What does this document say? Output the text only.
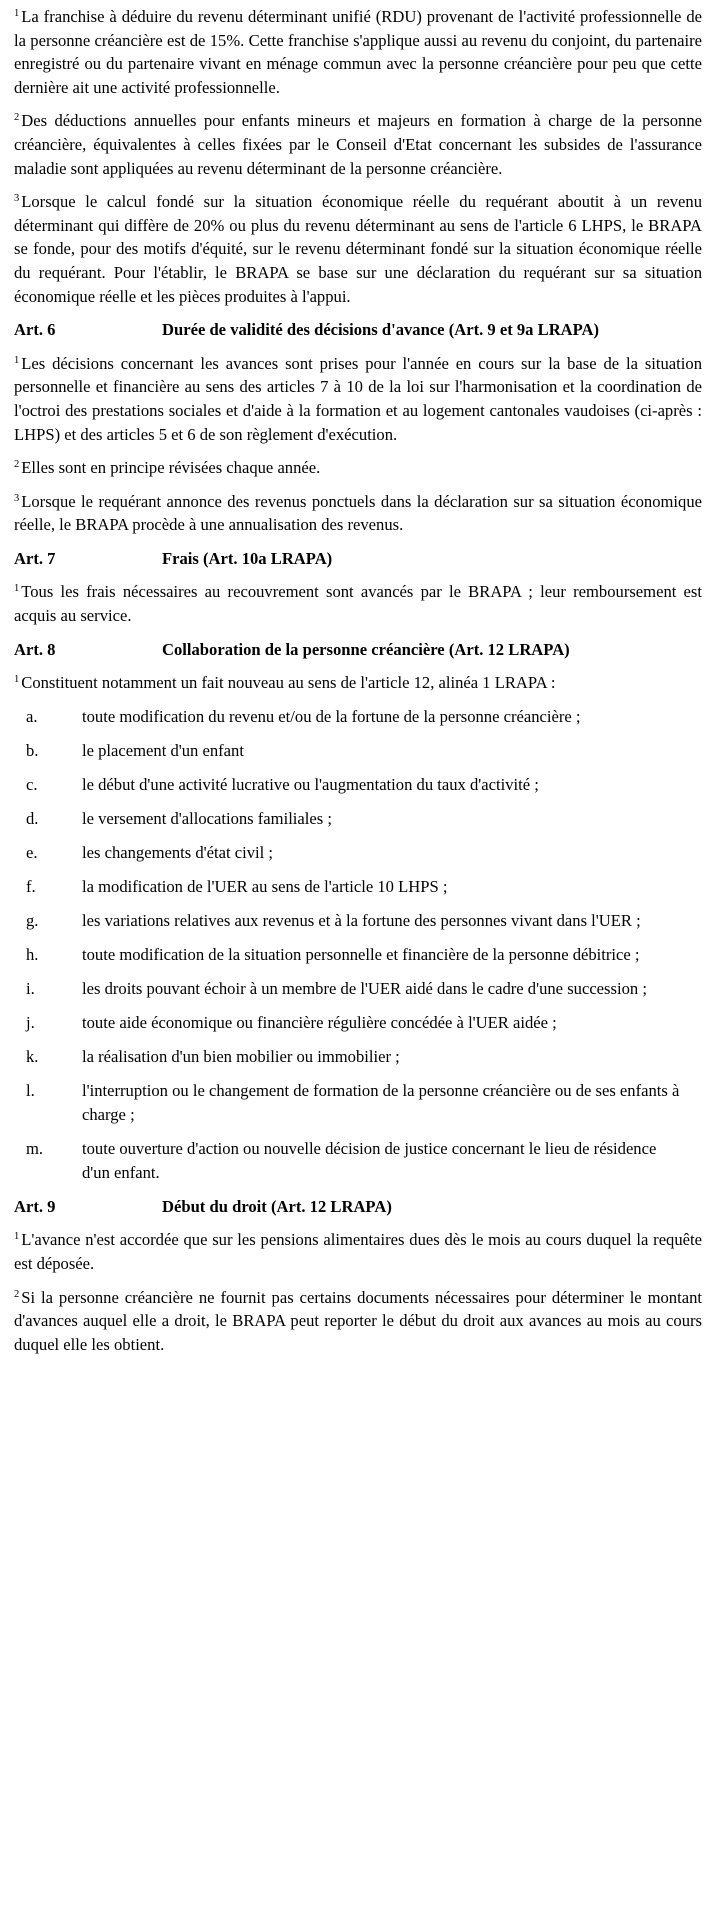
$^1$ La franchise à déduire du revenu déterminant unifié (RDU) provenant de l'activité professionnelle de la personne créancière est de 15%. Cette franchise s'applique aussi au revenu du conjoint, du partenaire enregistré ou du partenaire vivant en ménage commun avec la personne créancière pour peu que cette dernière ait une activité professionnelle.

$^2$ Des déductions annuelles pour enfants mineurs et majeurs en formation à charge de la personne créancière, équivalentes à celles fixées par le Conseil d'Etat concernant les subsides de l'assurance maladie sont appliquées au revenu déterminant de la personne créancière.

$^3$ Lorsque le calcul fondé sur la situation économique réelle du requérant aboutit à un revenu déterminant qui diffère de 20% ou plus du revenu déterminant au sens de l'article 6 LHPS, le BRAPA se fonde, pour des motifs d'équité, sur le revenu déterminant fondé sur la situation économique réelle du requérant. Pour l'établir, le BRAPA se base sur une déclaration du requérant sur sa situation économique réelle et les pièces produites à l'appui.

Art. 6	Durée de validité des décisions d'avance (Art. 9 et 9a LRAPA)

$^1$ Les décisions concernant les avances sont prises pour l'année en cours sur la base de la situation personnelle et financière au sens des articles 7 à 10 de la loi sur l'harmonisation et la coordination de l'octroi des prestations sociales et d'aide à la formation et au logement cantonales vaudoises (ci-après : LHPS) et des articles 5 et 6 de son règlement d'exécution.

$^2$ Elles sont en principe révisées chaque année.

$^3$ Lorsque le requérant annonce des revenus ponctuels dans la déclaration sur sa situation économique réelle, le BRAPA procède à une annualisation des revenus.

Art. 7	Frais (Art. 10a LRAPA)

$^1$ Tous les frais nécessaires au recouvrement sont avancés par le BRAPA ; leur remboursement est acquis au service.

Art. 8	Collaboration de la personne créancière (Art. 12 LRAPA)

$^1$ Constituent notamment un fait nouveau au sens de l'article 12, alinéa 1 LRAPA :

a.	toute modification du revenu et/ou de la fortune de la personne créancière ;
b.	le placement d'un enfant
c.	le début d'une activité lucrative ou l'augmentation du taux d'activité ;
d.	le versement d'allocations familiales ;
e.	les changements d'état civil ;
f.	la modification de l'UER au sens de l'article 10 LHPS ;
g.	les variations relatives aux revenus et à la fortune des personnes vivant dans l'UER ;
h.	toute modification de la situation personnelle et financière de la personne débitrice ;
i.	les droits pouvant échoir à un membre de l'UER aidé dans le cadre d'une succession ;
j.	toute aide économique ou financière régulière concédée à l'UER aidée ;
k.	la réalisation d'un bien mobilier ou immobilier ;
l.	l'interruption ou le changement de formation de la personne créancière ou de ses enfants à charge ;
m.	toute ouverture d'action ou nouvelle décision de justice concernant le lieu de résidence d'un enfant.
Art. 9	Début du droit (Art. 12 LRAPA)

$^1$ L'avance n'est accordée que sur les pensions alimentaires dues dès le mois au cours duquel la requête est déposée.

$^2$ Si la personne créancière ne fournit pas certains documents nécessaires pour déterminer le montant d'avances auquel elle a droit, le BRAPA peut reporter le début du droit aux avances au mois au cours duquel elle les obtient.
